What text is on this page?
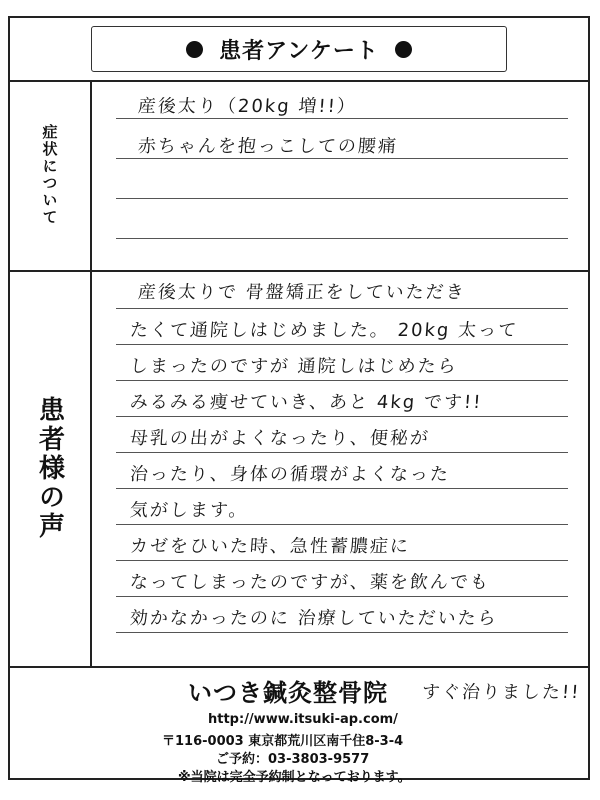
患者アンケート
症状について
患者様の声
産後太り（20kg 増!!）
赤ちゃんを抱っこしての腰痛
産後太りで 骨盤矯正をしていただき
たくて通院しはじめました。 20kg 太って
しまったのですが 通院しはじめたら
みるみる痩せていき、あと 4kg です!!
母乳の出がよくなったり、便秘が
治ったり、身体の循環がよくなった
気がします。
カゼをひいた時、急性蓄膿症に
なってしまったのですが、薬を飲んでも
効かなかったのに 治療していただいたら
すぐ治りました!!
いつき鍼灸整骨院
http://www.itsuki-ap.com/
〒116-0003 東京都荒川区南千住8-3-4
ご予約：03-3803-9577
※当院は完全予約制となっております。
